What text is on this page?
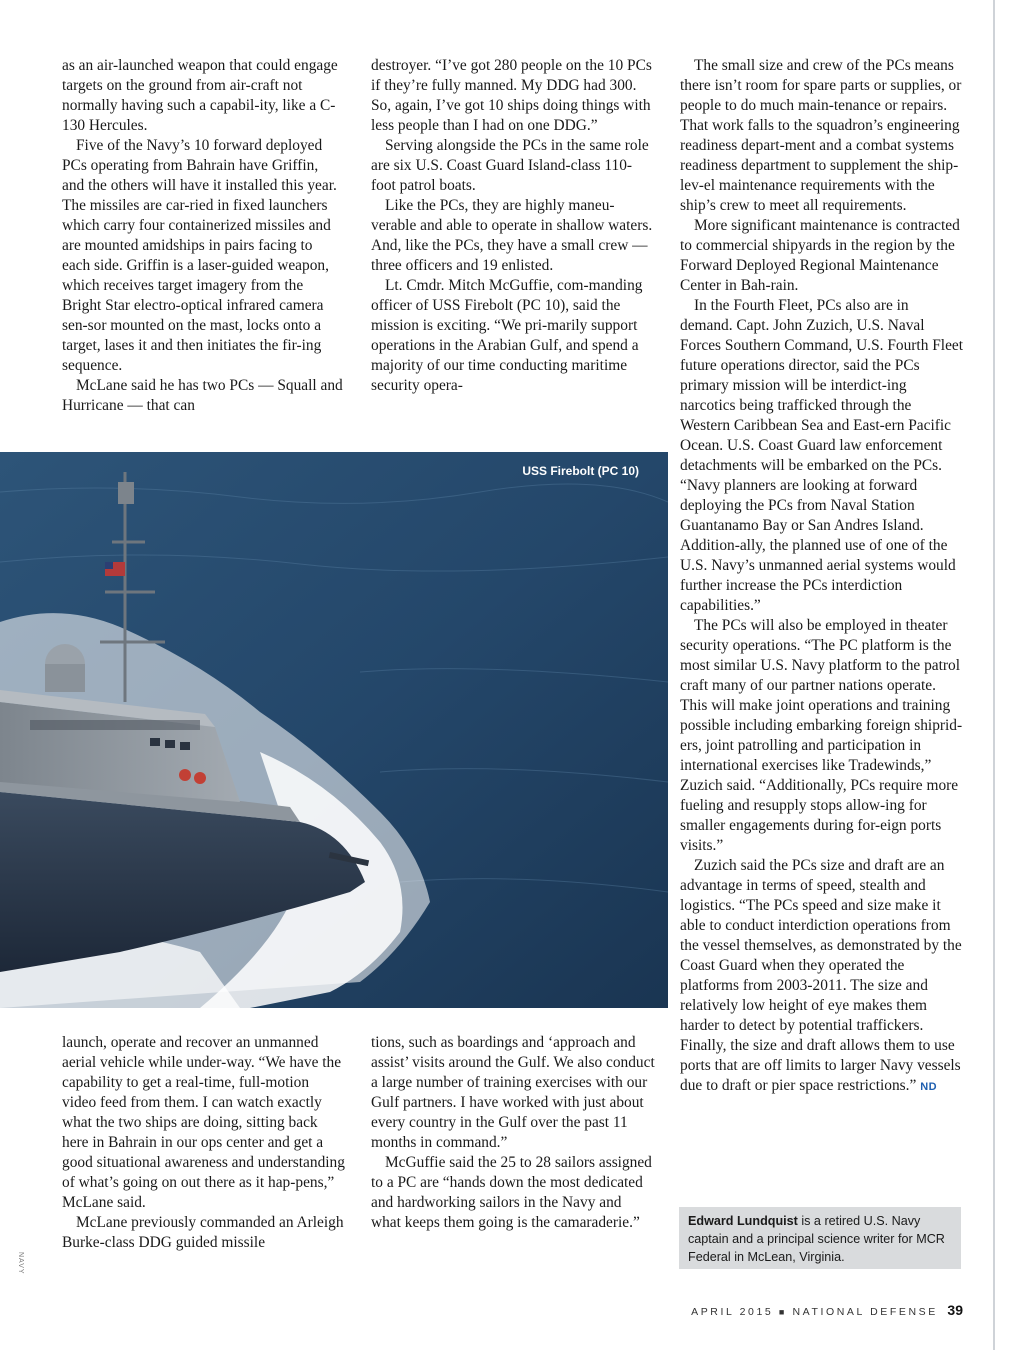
as an air-launched weapon that could engage targets on the ground from air-craft not normally having such a capabil-ity, like a C-130 Hercules.

Five of the Navy’s 10 forward deployed PCs operating from Bahrain have Griffin, and the others will have it installed this year. The missiles are car-ried in fixed launchers which carry four containerized missiles and are mounted amidships in pairs facing to each side. Griffin is a laser-guided weapon, which receives target imagery from the Bright Star electro-optical infrared camera sen-sor mounted on the mast, locks onto a target, lases it and then initiates the fir-ing sequence.

McLane said he has two PCs — Squall and Hurricane — that can

destroyer. “I’ve got 280 people on the 10 PCs if they’re fully manned. My DDG had 300. So, again, I’ve got 10 ships doing things with less people than I had on one DDG.”

Serving alongside the PCs in the same role are six U.S. Coast Guard Island-class 110-foot patrol boats.

Like the PCs, they are highly maneu-verable and able to operate in shallow waters. And, like the PCs, they have a small crew — three officers and 19 enlisted.

Lt. Cmdr. Mitch McGuffie, com-manding officer of USS Firebolt (PC 10), said the mission is exciting. “We pri-marily support operations in the Arabian Gulf, and spend a majority of our time conducting maritime security opera-

USS Firebolt (PC 10)

launch, operate and recover an unmanned aerial vehicle while under-way. “We have the capability to get a real-time, full-motion video feed from them. I can watch exactly what the two ships are doing, sitting back here in Bahrain in our ops center and get a good situational awareness and understanding of what’s going on out there as it hap-pens,” McLane said.

McLane previously commanded an Arleigh Burke-class DDG guided missile

tions, such as boardings and ‘approach and assist’ visits around the Gulf. We also conduct a large number of training exercises with our Gulf partners. I have worked with just about every country in the Gulf over the past 11 months in command.”

McGuffie said the 25 to 28 sailors assigned to a PC are “hands down the most dedicated and hardworking sailors in the Navy and what keeps them going is the camaraderie.”

The small size and crew of the PCs means there isn’t room for spare parts or supplies, or people to do much main-tenance or repairs. That work falls to the squadron’s engineering readiness depart-ment and a combat systems readiness department to supplement the ship-lev-el maintenance requirements with the ship’s crew to meet all requirements.

More significant maintenance is contracted to commercial shipyards in the region by the Forward Deployed Regional Maintenance Center in Bah-rain.

In the Fourth Fleet, PCs also are in demand. Capt. John Zuzich, U.S. Naval Forces Southern Command, U.S. Fourth Fleet future operations director, said the PCs primary mission will be interdict-ing narcotics being trafficked through the Western Caribbean Sea and East-ern Pacific Ocean. U.S. Coast Guard law enforcement detachments will be embarked on the PCs. “Navy planners are looking at forward deploying the PCs from Naval Station Guantanamo Bay or San Andres Island. Addition-ally, the planned use of one of the U.S. Navy’s unmanned aerial systems would further increase the PCs interdiction capabilities.”

The PCs will also be employed in theater security operations. “The PC platform is the most similar U.S. Navy platform to the patrol craft many of our partner nations operate. This will make joint operations and training possible including embarking foreign shiprid-ers, joint patrolling and participation in international exercises like Tradewinds,” Zuzich said. “Additionally, PCs require more fueling and resupply stops allow-ing for smaller engagements during for-eign ports visits.”

Zuzich said the PCs size and draft are an advantage in terms of speed, stealth and logistics. “The PCs speed and size make it able to conduct interdiction operations from the vessel themselves, as demonstrated by the Coast Guard when they operated the platforms from 2003-2011. The size and relatively low height of eye makes them harder to detect by potential traffickers. Finally, the size and draft allows them to use ports that are off limits to larger Navy vessels due to draft or pier space restrictions.” ND

Edward Lundquist is a retired U.S. Navy captain and a principal science writer for MCR Federal in McLean, Virginia.
NAVY
APRIL 2015 ■ NATIONAL DEFENSE 39
